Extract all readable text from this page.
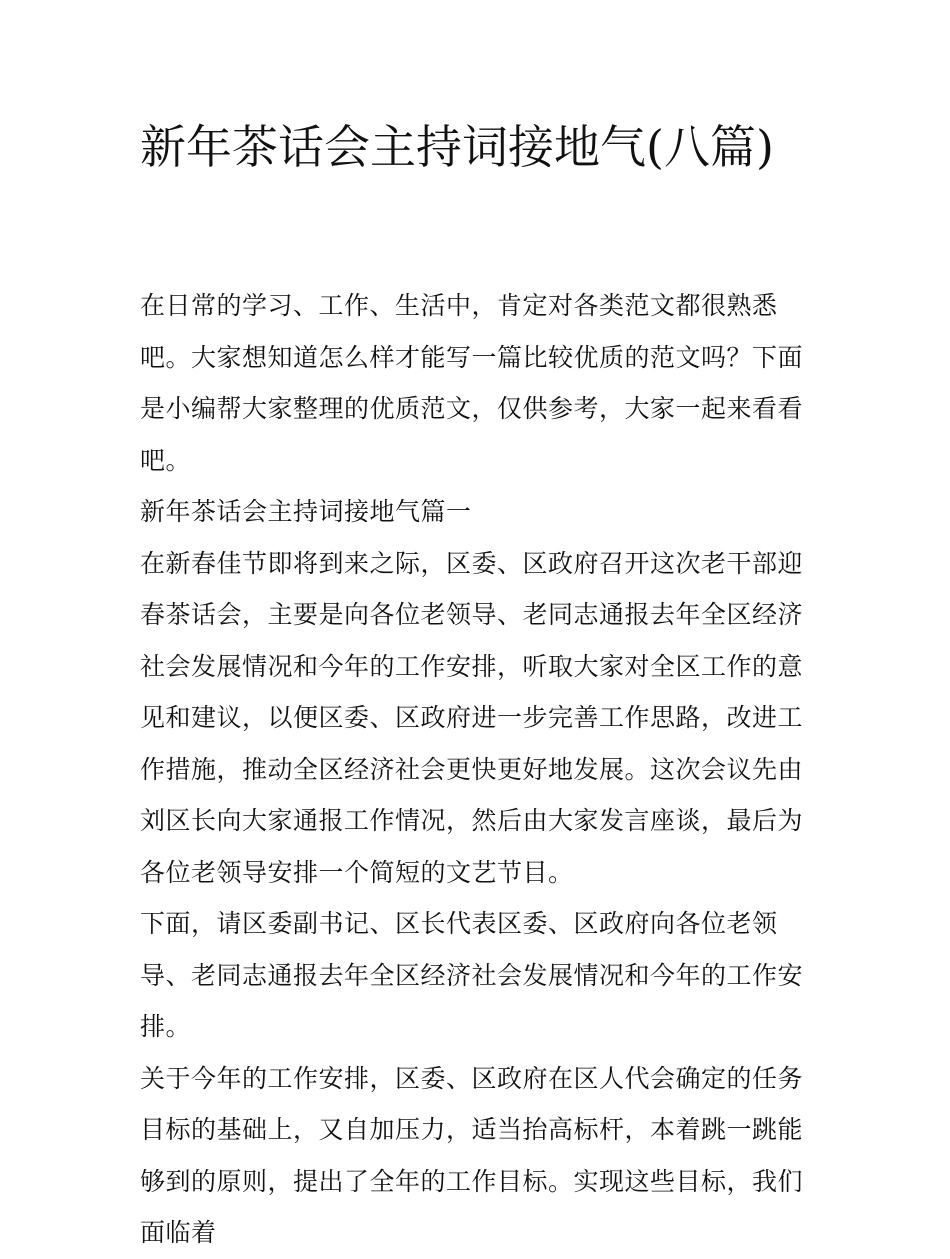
新年茶话会主持词接地气(八篇)

在日常的学习、工作、生活中，肯定对各类范文都很熟悉吧。大家想知道怎么样才能写一篇比较优质的范文吗？下面是小编帮大家整理的优质范文，仅供参考，大家一起来看看吧。

新年茶话会主持词接地气篇一

在新春佳节即将到来之际，区委、区政府召开这次老干部迎春茶话会，主要是向各位老领导、老同志通报去年全区经济社会发展情况和今年的工作安排，听取大家对全区工作的意见和建议，以便区委、区政府进一步完善工作思路，改进工作措施，推动全区经济社会更快更好地发展。这次会议先由刘区长向大家通报工作情况，然后由大家发言座谈，最后为各位老领导安排一个简短的文艺节目。

下面，请区委副书记、区长代表区委、区政府向各位老领导、老同志通报去年全区经济社会发展情况和今年的工作安排。

关于今年的工作安排，区委、区政府在区人代会确定的任务目标的基础上，又自加压力，适当抬高标杆，本着跳一跳能够到的原则，提出了全年的工作目标。实现这些目标，我们面临着
